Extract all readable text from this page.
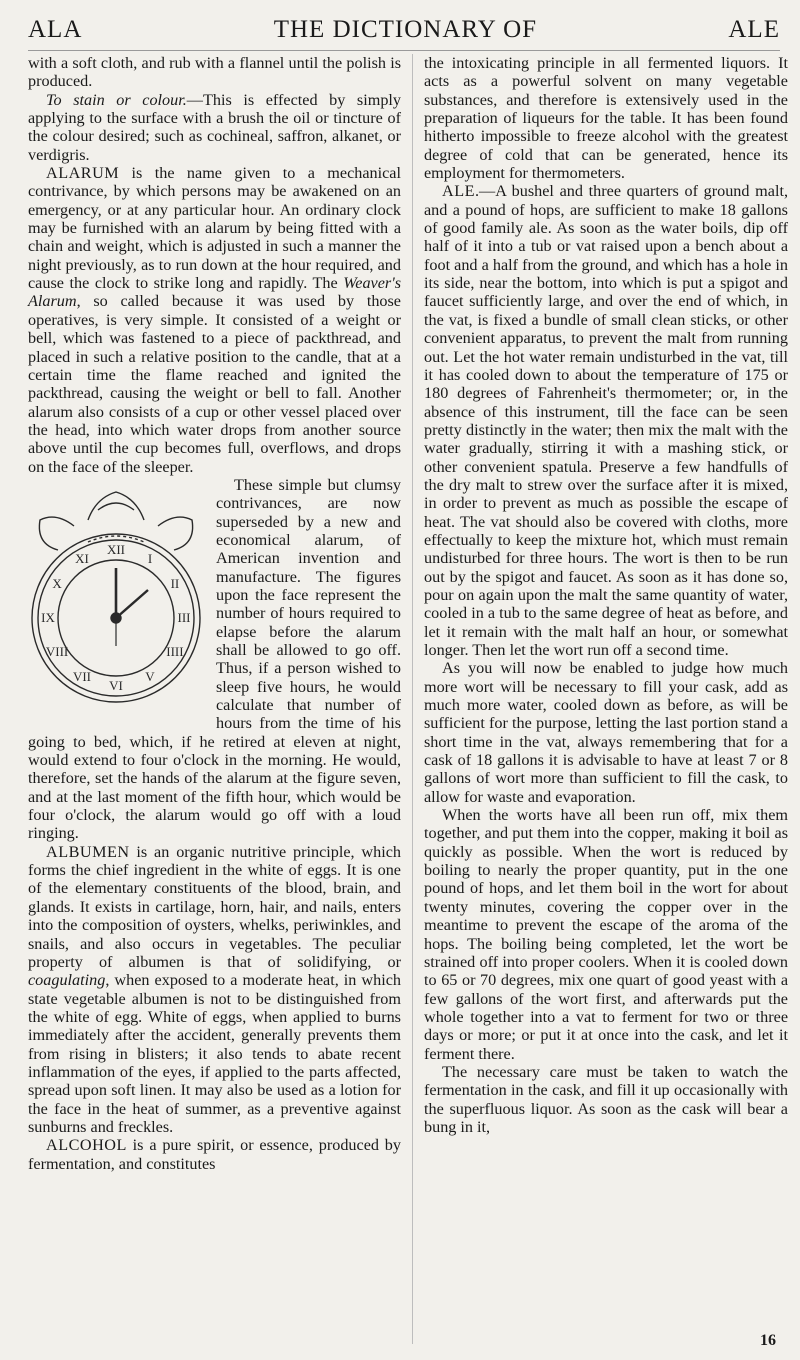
ALA	THE DICTIONARY OF	ALE

with a soft cloth, and rub with a flannel until the polish is produced.

To stain or colour.—This is effected by simply applying to the surface with a brush the oil or tincture of the colour desired; such as cochineal, saffron, alkanet, or verdigris.

ALARUM is the name given to a mechanical contrivance, by which persons may be awakened on an emergency, or at any particular hour. An ordinary clock may be furnished with an alarum by being fitted with a chain and weight, which is adjusted in such a manner the night previously, as to run down at the hour required, and cause the clock to strike long and rapidly. The Weaver's Alarum, so called because it was used by those operatives, is very simple. It consisted of a weight or bell, which was fastened to a piece of packthread, and placed in such a relative position to the candle, that at a certain time the flame reached and ignited the packthread, causing the weight or bell to fall. Another alarum also consists of a cup or other vessel placed over the head, into which water drops from another source above until the cup becomes full, overflows, and drops on the face of the sleeper.

XII
I
II
III
IIII
V
VI
VII
VIII
IX
X
XI
These simple but clumsy contrivances, are now superseded by a new and economical alarum, of American invention and manufacture. The figures upon the face represent the number of hours required to elapse before the alarum shall be allowed to go off. Thus, if a person wished to sleep five hours, he would calculate that number of hours from the time of his going to bed, which, if he retired at eleven at night, would extend to four o'clock in the morning. He would, therefore, set the hands of the alarum at the figure seven, and at the last moment of the fifth hour, which would be four o'clock, the alarum would go off with a loud ringing.

ALBUMEN is an organic nutritive principle, which forms the chief ingredient in the white of eggs. It is one of the elementary constituents of the blood, brain, and glands. It exists in cartilage, horn, hair, and nails, enters into the composition of oysters, whelks, periwinkles, and snails, and also occurs in vegetables. The peculiar property of albumen is that of solidifying, or coagulating, when exposed to a moderate heat, in which state vegetable albumen is not to be distinguished from the white of egg. White of eggs, when applied to burns immediately after the accident, generally prevents them from rising in blisters; it also tends to abate recent inflammation of the eyes, if applied to the parts affected, spread upon soft linen. It may also be used as a lotion for the face in the heat of summer, as a preventive against sunburns and freckles.

ALCOHOL is a pure spirit, or essence, produced by fermentation, and constitutes

the intoxicating principle in all fermented liquors. It acts as a powerful solvent on many vegetable substances, and therefore is extensively used in the preparation of liqueurs for the table. It has been found hitherto impossible to freeze alcohol with the greatest degree of cold that can be generated, hence its employment for thermometers.

ALE.—A bushel and three quarters of ground malt, and a pound of hops, are sufficient to make 18 gallons of good family ale. As soon as the water boils, dip off half of it into a tub or vat raised upon a bench about a foot and a half from the ground, and which has a hole in its side, near the bottom, into which is put a spigot and faucet sufficiently large, and over the end of which, in the vat, is fixed a bundle of small clean sticks, or other convenient apparatus, to prevent the malt from running out. Let the hot water remain undisturbed in the vat, till it has cooled down to about the temperature of 175 or 180 degrees of Fahrenheit's thermometer; or, in the absence of this instrument, till the face can be seen pretty distinctly in the water; then mix the malt with the water gradually, stirring it with a mashing stick, or other convenient spatula. Preserve a few handfulls of the dry malt to strew over the surface after it is mixed, in order to prevent as much as possible the escape of heat. The vat should also be covered with cloths, more effectually to keep the mixture hot, which must remain undisturbed for three hours. The wort is then to be run out by the spigot and faucet. As soon as it has done so, pour on again upon the malt the same quantity of water, cooled in a tub to the same degree of heat as before, and let it remain with the malt half an hour, or somewhat longer. Then let the wort run off a second time.

As you will now be enabled to judge how much more wort will be necessary to fill your cask, add as much more water, cooled down as before, as will be sufficient for the purpose, letting the last portion stand a short time in the vat, always remembering that for a cask of 18 gallons it is advisable to have at least 7 or 8 gallons of wort more than sufficient to fill the cask, to allow for waste and evaporation.

When the worts have all been run off, mix them together, and put them into the copper, making it boil as quickly as possible. When the wort is reduced by boiling to nearly the proper quantity, put in the one pound of hops, and let them boil in the wort for about twenty minutes, covering the copper over in the meantime to prevent the escape of the aroma of the hops. The boiling being completed, let the wort be strained off into proper coolers. When it is cooled down to 65 or 70 degrees, mix one quart of good yeast with a few gallons of the wort first, and afterwards put the whole together into a vat to ferment for two or three days or more; or put it at once into the cask, and let it ferment there.

The necessary care must be taken to watch the fermentation in the cask, and fill it up occasionally with the superfluous liquor. As soon as the cask will bear a bung in it,

16
